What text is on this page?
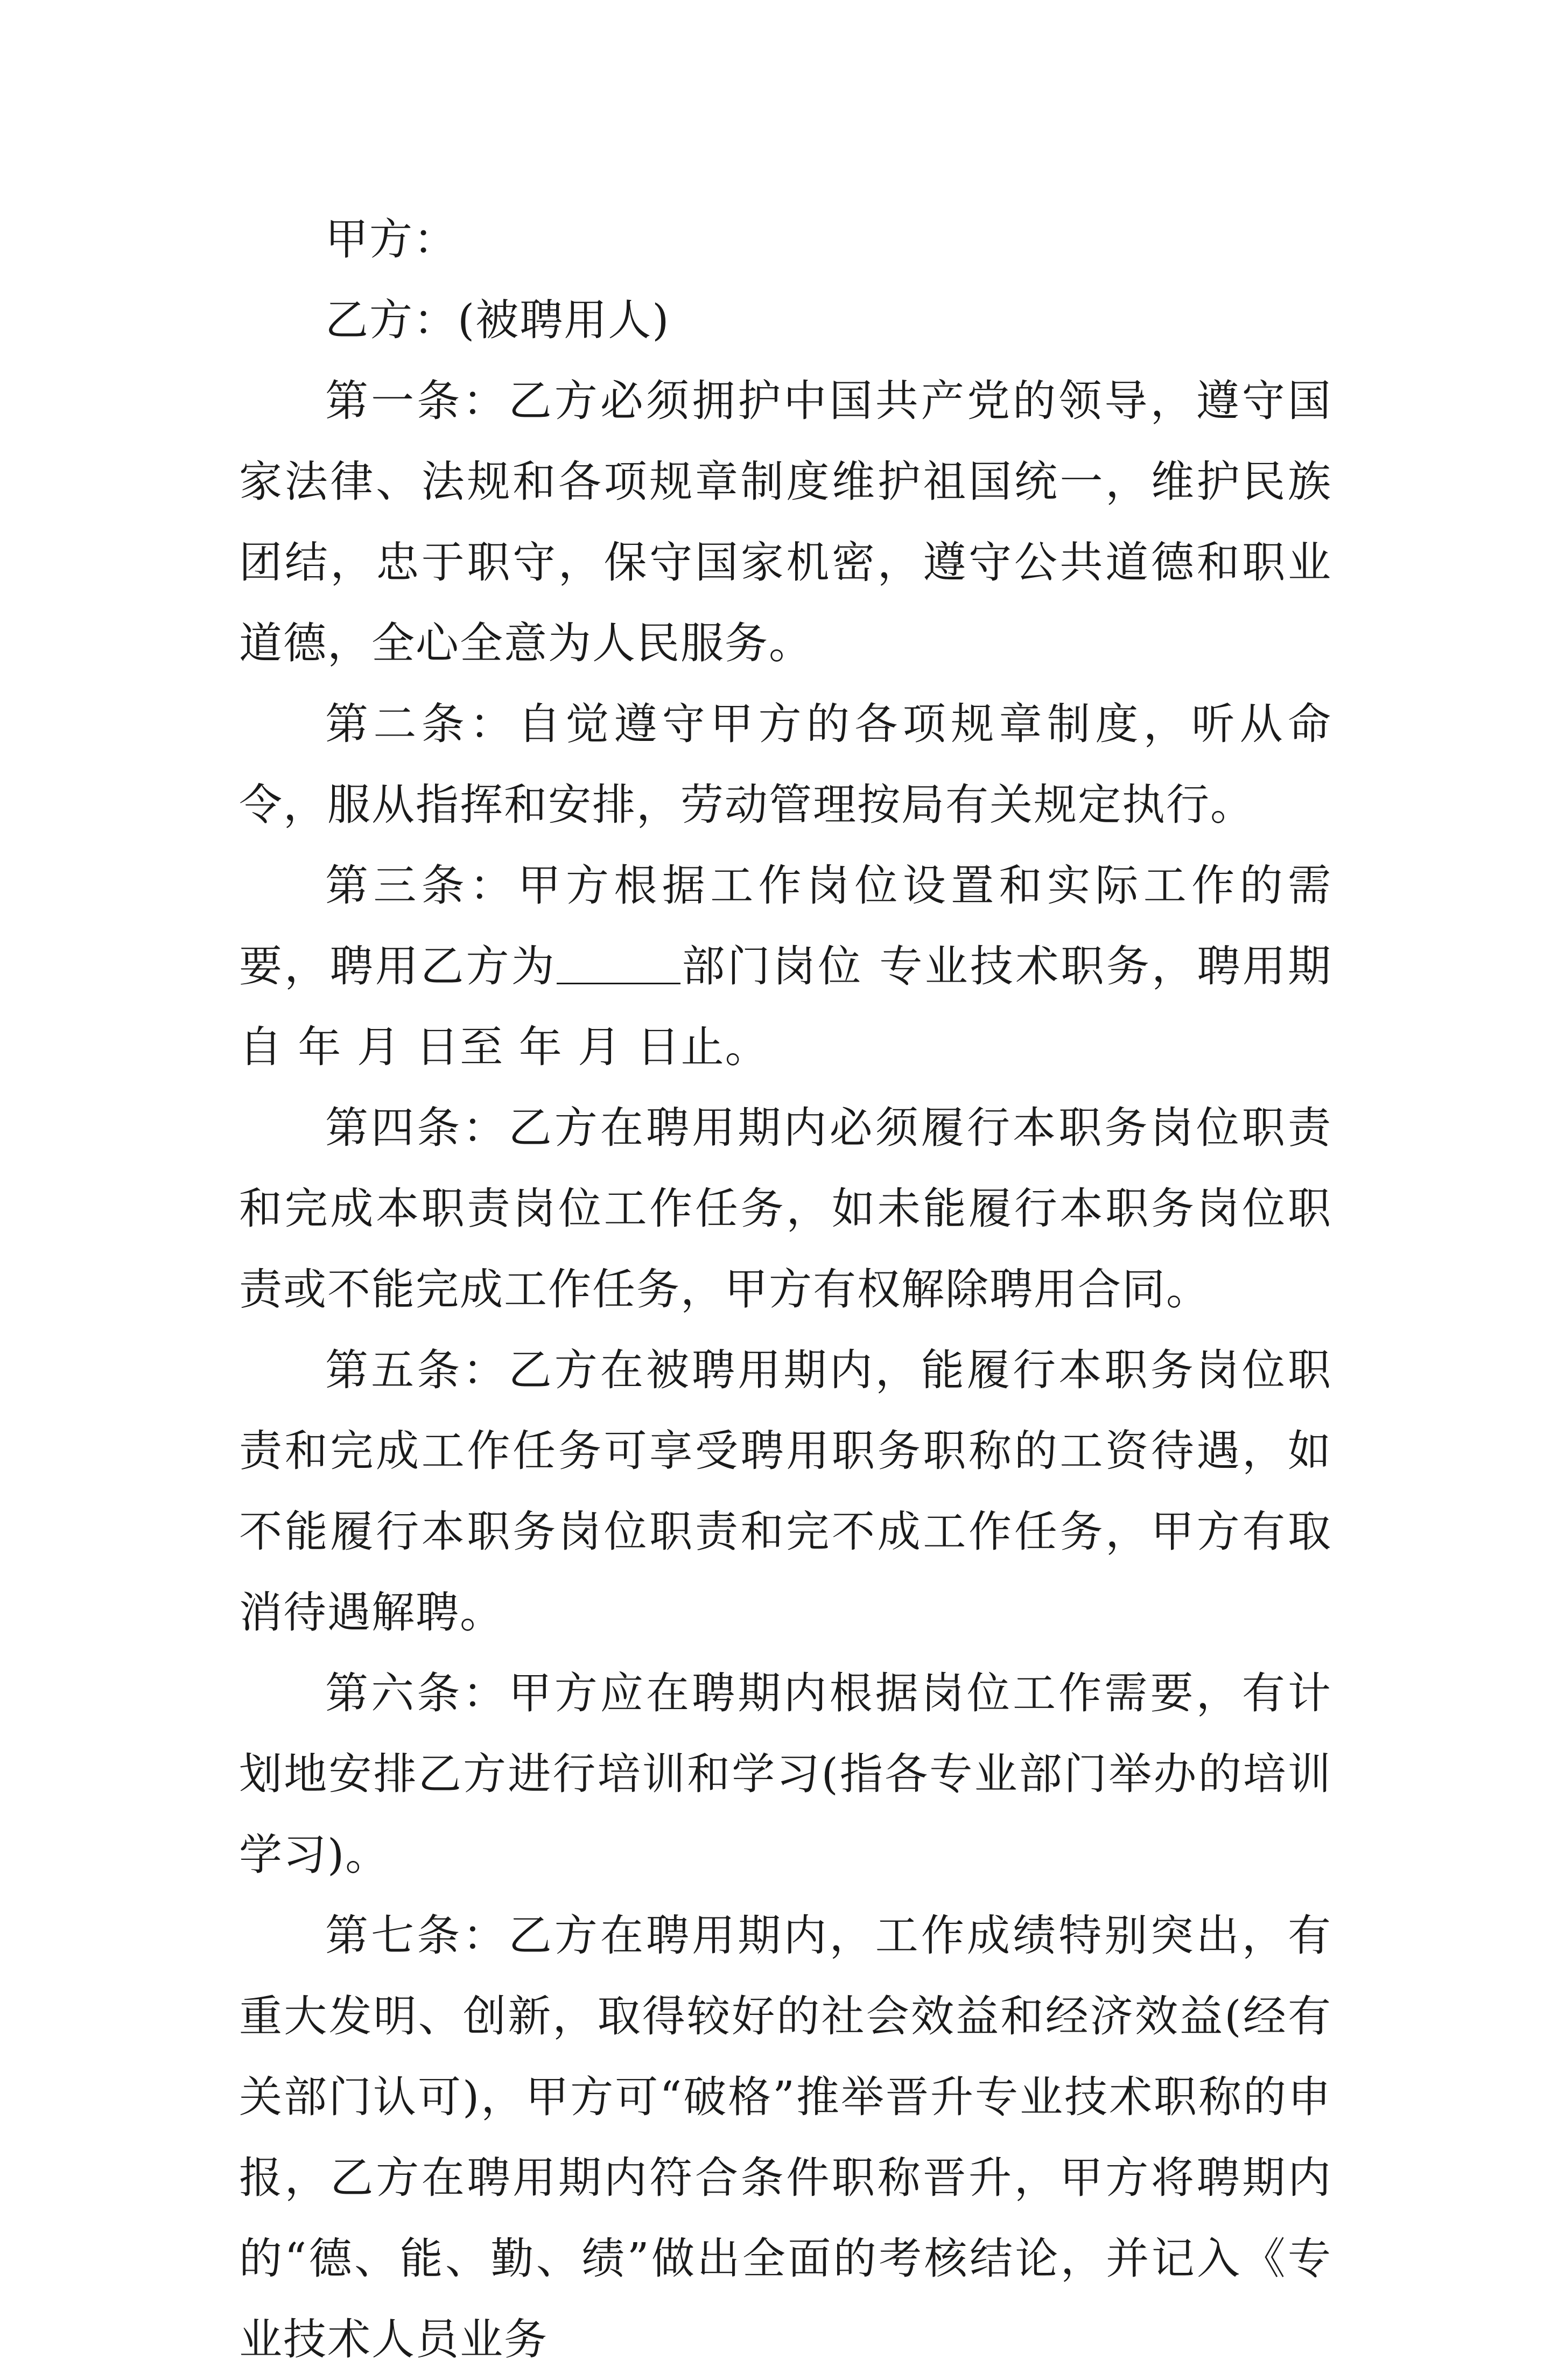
甲方：

乙方：(被聘用人)

第一条：乙方必须拥护中国共产党的领导，遵守国家法律、法规和各项规章制度维护祖国统一，维护民族团结，忠于职守，保守国家机密，遵守公共道德和职业道德，全心全意为人民服务。

第二条：自觉遵守甲方的各项规章制度，听从命令，服从指挥和安排，劳动管理按局有关规定执行。

第三条：甲方根据工作岗位设置和实际工作的需要，聘用乙方为	部门岗位 专业技术职务，聘用期自 年 月 日至 年 月 日止。

第四条：乙方在聘用期内必须履行本职务岗位职责和完成本职责岗位工作任务，如未能履行本职务岗位职责或不能完成工作任务，甲方有权解除聘用合同。

第五条：乙方在被聘用期内，能履行本职务岗位职责和完成工作任务可享受聘用职务职称的工资待遇，如不能履行本职务岗位职责和完不成工作任务，甲方有取消待遇解聘。

第六条：甲方应在聘期内根据岗位工作需要，有计划地安排乙方进行培训和学习(指各专业部门举办的培训学习)。

第七条：乙方在聘用期内，工作成绩特别突出，有重大发明、创新，取得较好的社会效益和经济效益(经有关部门认可)，甲方可“破格”推举晋升专业技术职称的申报，乙方在聘用期内符合条件职称晋升，甲方将聘期内的“德、能、勤、绩”做出全面的考核结论，并记入《专业技术人员业务
